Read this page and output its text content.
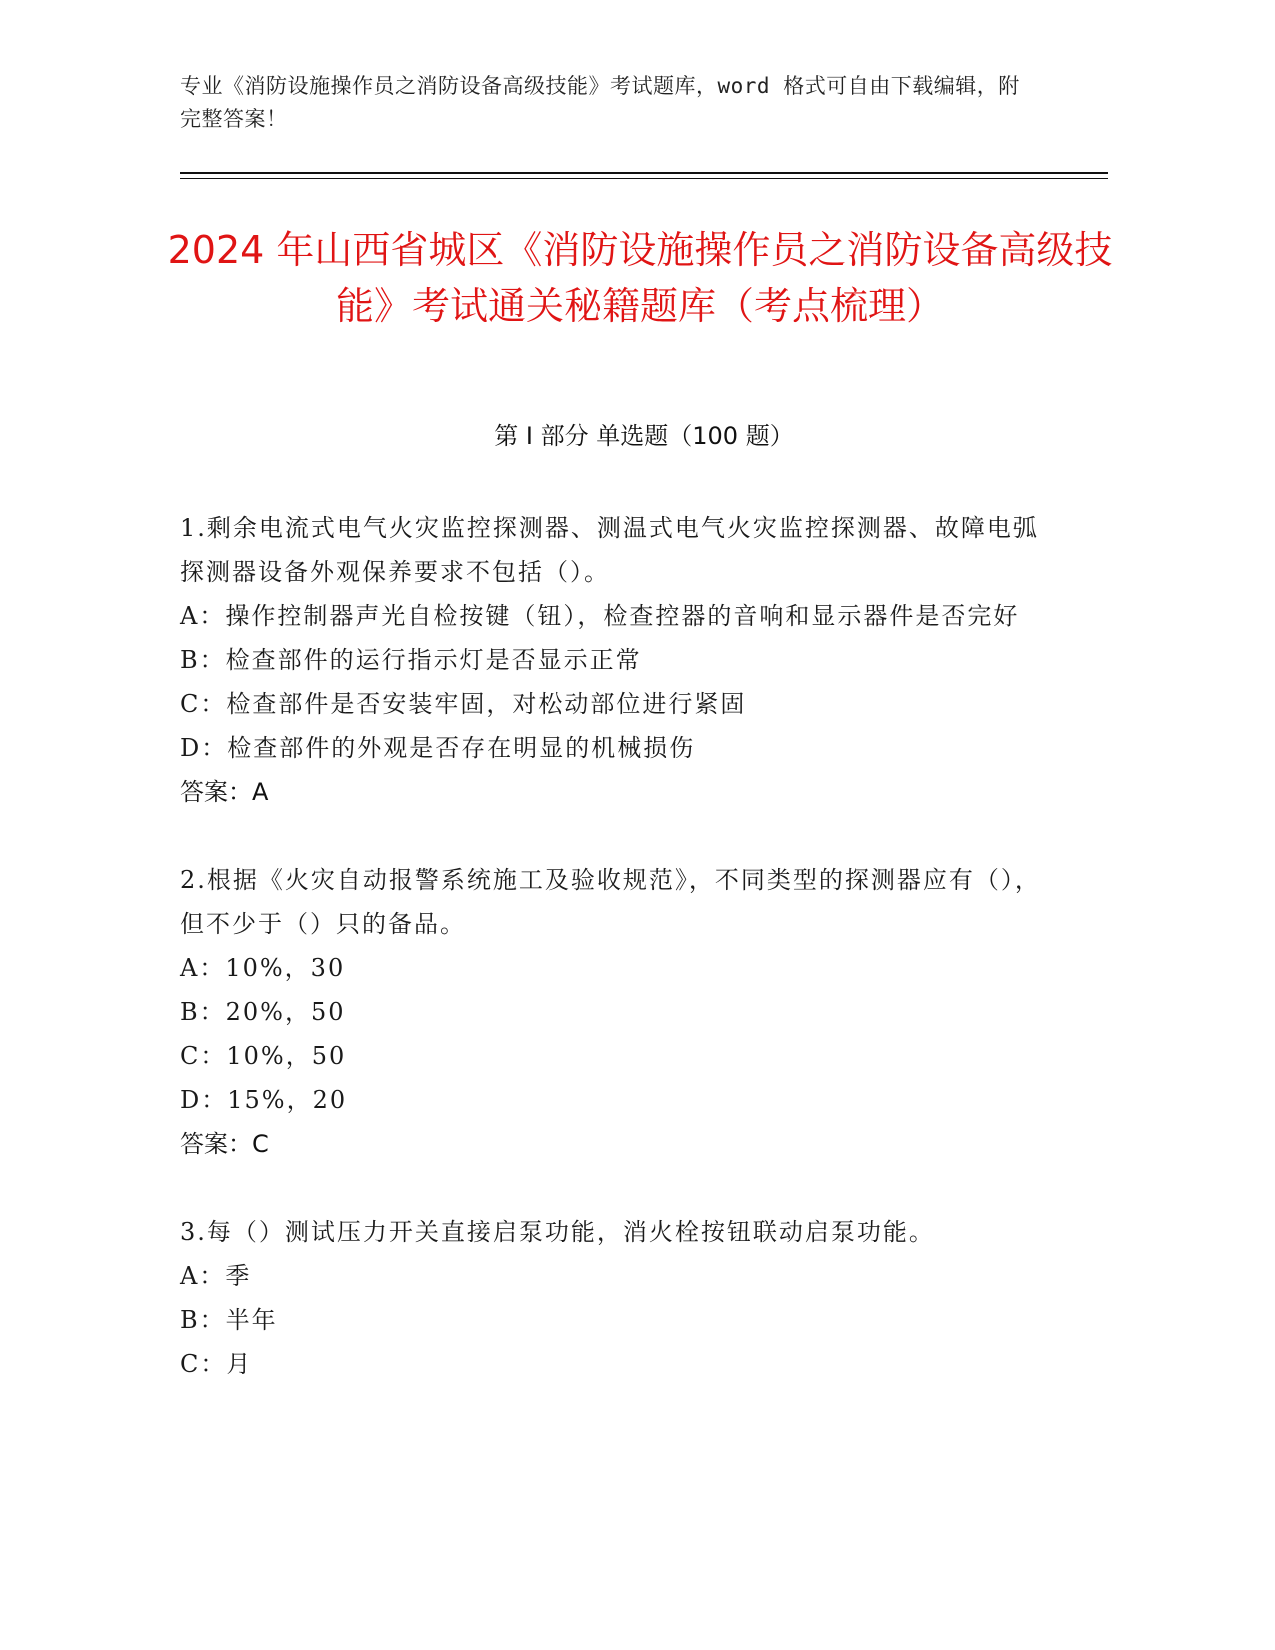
专业《消防设施操作员之消防设备高级技能》考试题库，word 格式可自由下载编辑，附完整答案！
2024 年山西省城区《消防设施操作员之消防设备高级技能》考试通关秘籍题库（考点梳理）
第 I 部分 单选题（100 题）
1.剩余电流式电气火灾监控探测器、测温式电气火灾监控探测器、故障电弧探测器设备外观保养要求不包括（）。
A：操作控制器声光自检按键（钮），检查控器的音响和显示器件是否完好
B：检查部件的运行指示灯是否显示正常
C：检查部件是否安装牢固，对松动部位进行紧固
D：检查部件的外观是否存在明显的机械损伤
答案：A
2.根据《火灾自动报警系统施工及验收规范》，不同类型的探测器应有（），但不少于（）只的备品。
A：10%，30
B：20%，50
C：10%，50
D：15%，20
答案：C
3.每（）测试压力开关直接启泵功能，消火栓按钮联动启泵功能。
A：季
B：半年
C：月
